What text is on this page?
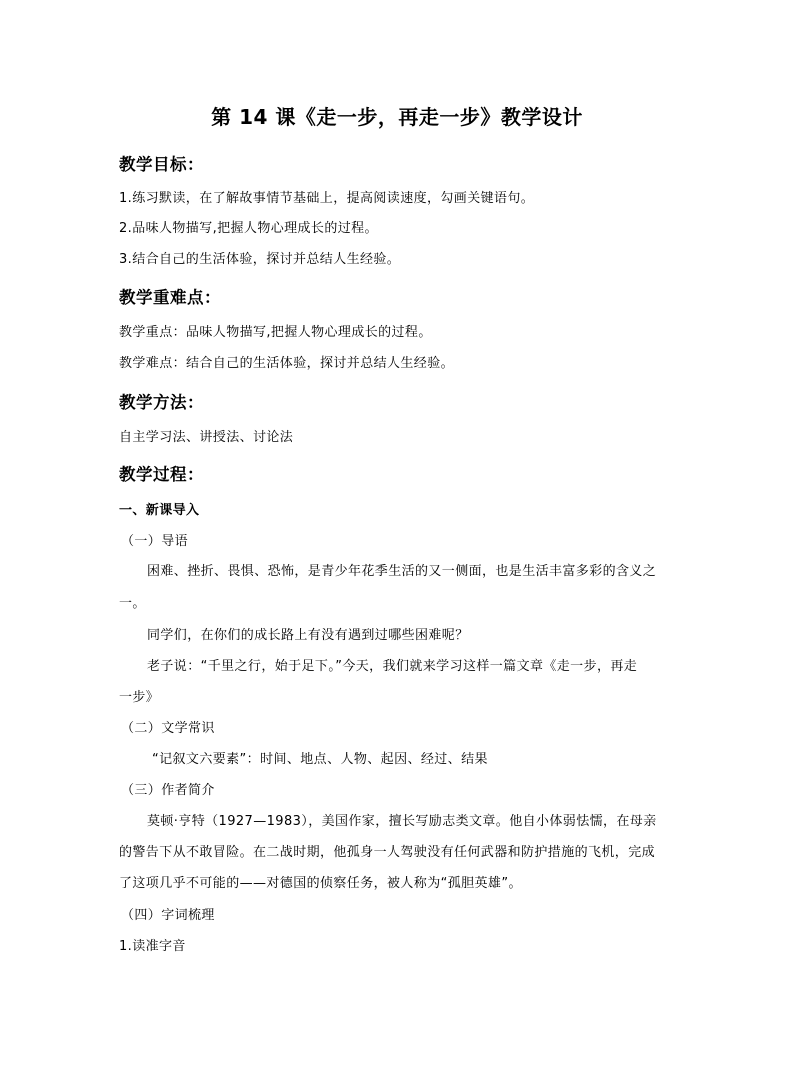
第 14 课《走一步，再走一步》教学设计
教学目标：
1.练习默读，在了解故事情节基础上，提高阅读速度，勾画关键语句。
2.品味人物描写,把握人物心理成长的过程。
3.结合自己的生活体验，探讨并总结人生经验。
教学重难点：
教学重点：品味人物描写,把握人物心理成长的过程。
教学难点：结合自己的生活体验，探讨并总结人生经验。
教学方法：
自主学习法、讲授法、讨论法
教学过程：
一、新课导入
（一）导语
困难、挫折、畏惧、恐怖，是青少年花季生活的又一侧面，也是生活丰富多彩的含义之
一。
同学们，在你们的成长路上有没有遇到过哪些困难呢？
老子说：“千里之行，始于足下。”今天，我们就来学习这样一篇文章《走一步，再走
一步》
（二）文学常识
“记叙文六要素”：时间、地点、人物、起因、经过、结果
（三）作者简介
莫顿·亨特（1927—1983），美国作家，擅长写励志类文章。他自小体弱怯懦，在母亲
的警告下从不敢冒险。在二战时期，他孤身一人驾驶没有任何武器和防护措施的飞机，完成
了这项几乎不可能的——对德国的侦察任务，被人称为“孤胆英雄”。
（四）字词梳理
1.读准字音
